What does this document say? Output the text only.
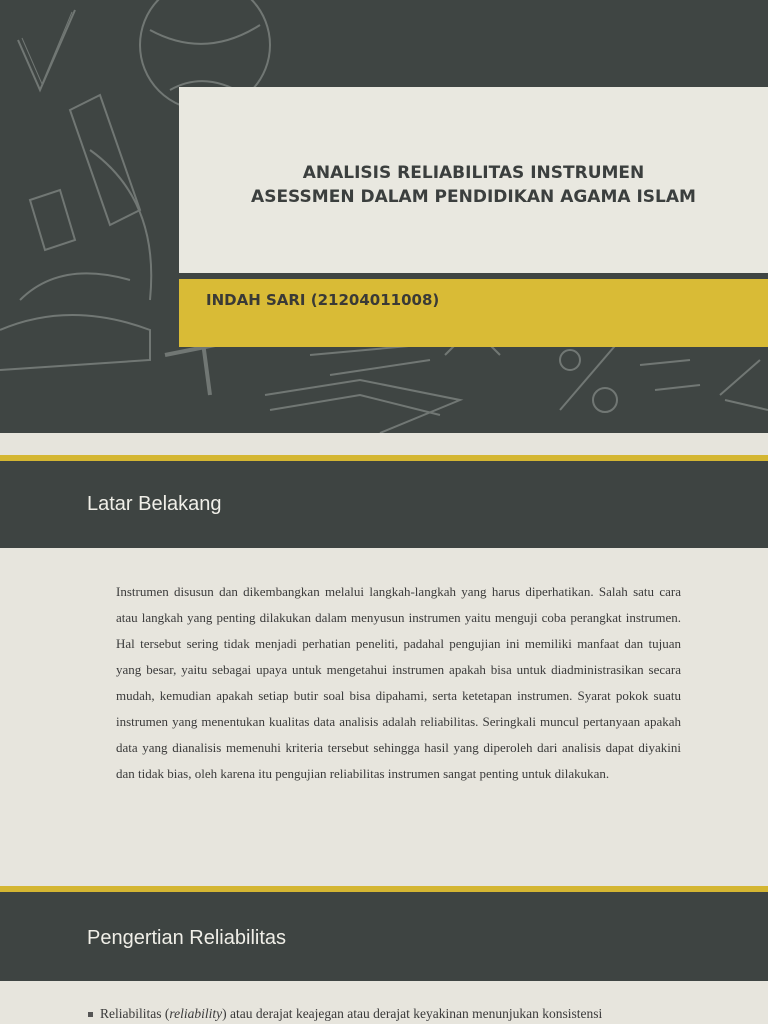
ANALISIS RELIABILITAS INSTRUMEN
ASESSMEN DALAM PENDIDIKAN AGAMA ISLAM
INDAH SARI (21204011008)
Latar Belakang

Instrumen disusun dan dikembangkan melalui langkah-langkah yang harus diperhatikan. Salah satu cara atau langkah yang penting dilakukan dalam menyusun instrumen yaitu menguji coba perangkat instrumen. Hal tersebut sering tidak menjadi perhatian peneliti, padahal pengujian ini memiliki manfaat dan tujuan yang besar, yaitu sebagai upaya untuk mengetahui instrumen apakah bisa untuk diadministrasikan secara mudah, kemudian apakah setiap butir soal bisa dipahami, serta ketetapan instrumen. Syarat pokok suatu instrumen yang menentukan kualitas data analisis adalah reliabilitas. Seringkali muncul pertanyaan apakah data yang dianalisis memenuhi kriteria tersebut sehingga hasil yang diperoleh dari analisis dapat diyakini dan tidak bias, oleh karena itu pengujian reliabilitas instrumen sangat penting untuk dilakukan.

Pengertian Reliabilitas
Reliabilitas (reliability) atau derajat keajegan atau derajat keyakinan menunjukan konsistensi
